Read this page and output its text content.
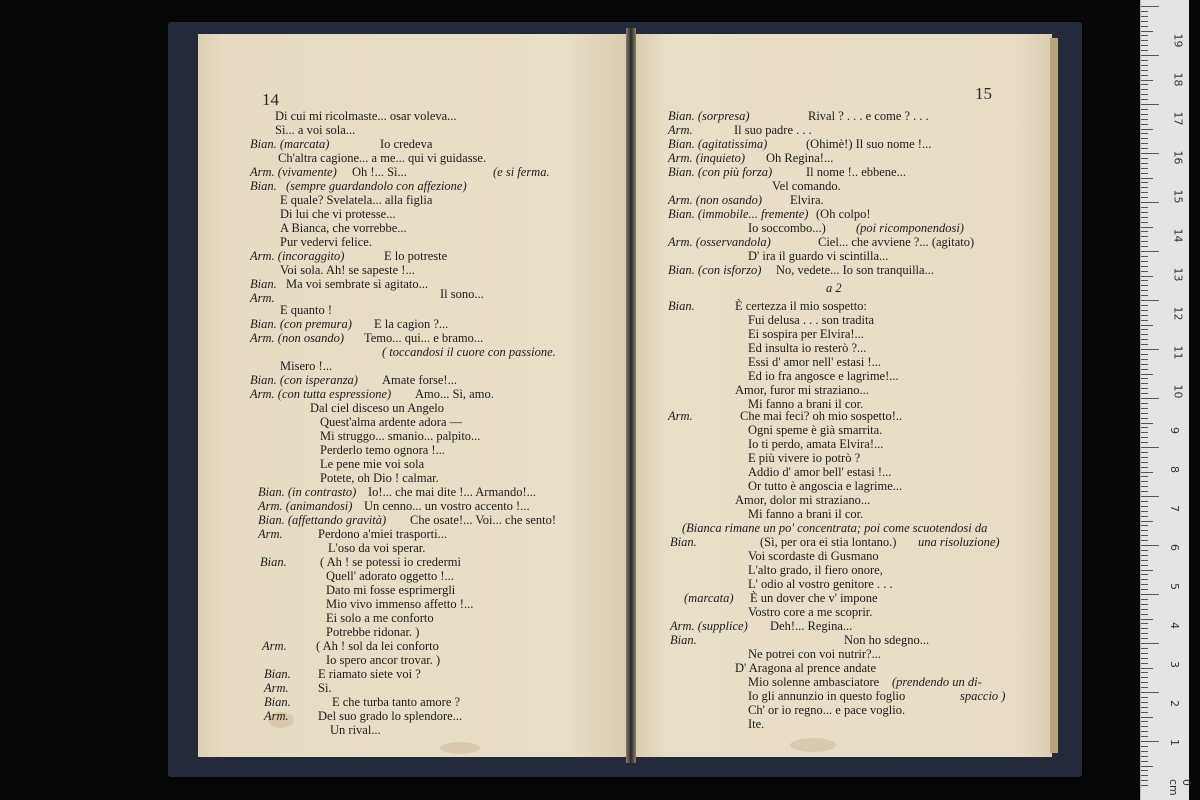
14	15
Di cui mi ricolmaste... osar voleva...
Sì... a voi sola...
Bian. (marcata)	Io credeva
Ch'altra cagione... a me... qui vi guidasse.
Arm. (vivamente) Oh !... Sì...	(e si ferma.
Bian. (sempre guardandolo con affezione)
E quale? Svelatela... alla figlia
Di lui che vi protesse...
A Bianca, che vorrebbe...
Pur vedervi felice.
Arm. (incoraggito)	E lo potreste
Voi sola. Ah! se sapeste !...
Bian. Ma voi sembrate sì agitato...
Arm.	Il sono...
E quanto !
Bian. (con premura) E la cagion ?...
Arm. (non osando) Temo... qui... e bramo...
( toccandosi il cuore con passione.
Misero !...
Bian. (con isperanza) Amate forse!...
Arm. (con tutta espressione) Amo... Sì, amo.
Dal ciel disceso un Angelo
Quest'alma ardente adora —
Mi struggo... smanio... palpito...
Perderlo temo ognora !...
Le pene mie voi sola
Potete, oh Dio ! calmar.
Bian. (in contrasto) Io!... che mai dite !... Armando!...
Arm. (animandosi) Un cenno... un vostro accento !...
Bian. (affettando gravità) Che osate!... Voi... che sento!
Arm.	Perdono a'miei trasporti...
L'oso da voi sperar.
Bian.	( Ah ! se potessi io credermi
Quell' adorato oggetto !...
Dato mi fosse esprimergli
Mio vivo immenso affetto !...
Ei solo a me conforto
Potrebbe ridonar. )
Arm. ( Ah ! sol da lei conforto
Io spero ancor trovar. )
Bian. E riamato siete voi ?
Arm. Sì.
Bian.	E che turba tanto amore ?
Arm. Del suo grado lo splendore...
Un rival...
Bian. (sorpresa)	Rival ? . . . e come ? . . .
Arm.	Il suo padre . . .
Bian. (agitatissima)	(Ohimè!) Il suo nome !...
Arm. (inquieto) Oh Regina!...
Bian. (con più forza)	Il nome !.. ebbene...
Vel comando.
Arm. (non osando) Elvira.
Bian. (immobile... fremente) (Oh colpo!
Io soccombo...) (poi ricomponendosi)
Arm. (osservandola)	Ciel... che avviene ?... (agitato)
D' ira il guardo vi scintilla...
Bian. (con isforzo) No, vedete... Io son tranquilla...
a 2
Bian.	È certezza il mio sospetto:
Fui delusa . . . son tradita
Ei sospira per Elvira!...
Ed insulta io resterò ?...
Essi d' amor nell' estasi !...
Ed io fra angosce e lagrime!...
Amor, furor mi straziano...
Mi fanno a brani il cor.
Arm.	Che mai feci? oh mio sospetto!..
Ogni speme è già smarrita.
Io ti perdo, amata Elvira!...
E più vivere io potrò ?
Addio d' amor bell' estasi !...
Or tutto è angoscia e lagrime...
Amor, dolor mi straziano...
Mi fanno a brani il cor.
(Bianca rimane un po' concentrata; poi come scuotendosi da
Bian.	(Sì, per ora ei stia lontano.) una risoluzione)
Voi scordaste di Gusmano
L'alto grado, il fiero onore,
L' odio al vostro genitore . . .
(marcata) È un dover che v' impone
Vostro core a me scoprir.
Arm. (supplice) Deh!... Regina...
Bian.	Non ho sdegno...
Ne potrei con voi nutrir?...
D' Aragona al prence andate
Mio solenne ambasciatore (prendendo un di-
Io gli annunzio in questo foglio	spaccio )
Ch' or io regno... e pace voglio.
Ite.
19
18
17
16
15
14
13
12
11
10
9
8
7
6
5
4
3
2
1
0 cm
